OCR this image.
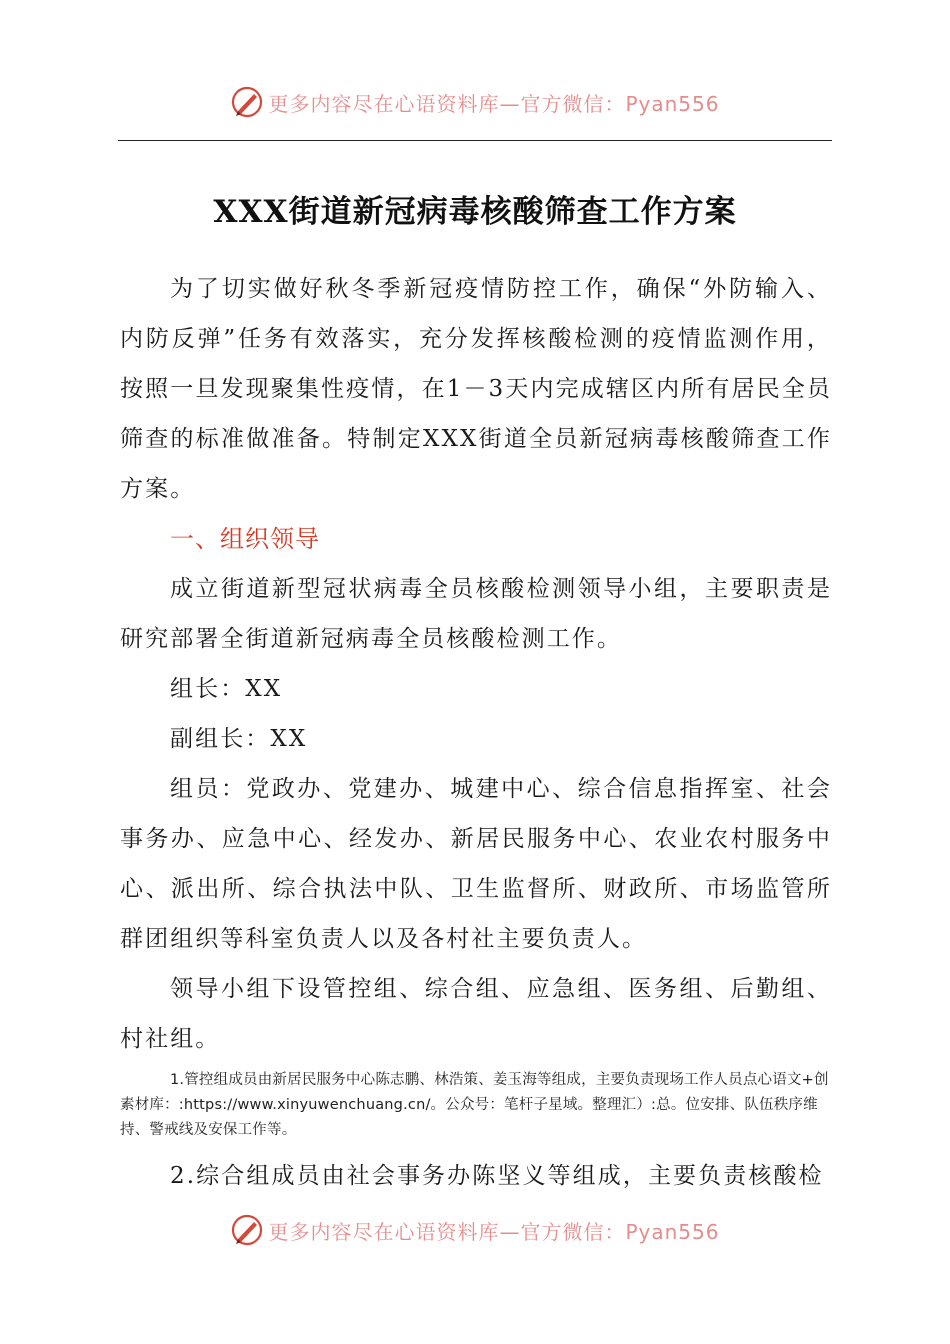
更多内容尽在心语资料库—官方微信：Pyan556
XXX街道新冠病毒核酸筛查工作方案

为了切实做好秋冬季新冠疫情防控工作，确保“外防输入、内防反弹”任务有效落实，充分发挥核酸检测的疫情监测作用，按照一旦发现聚集性疫情，在1－3天内完成辖区内所有居民全员筛查的标准做准备。特制定XXX街道全员新冠病毒核酸筛查工作方案。

一、组织领导

成立街道新型冠状病毒全员核酸检测领导小组，主要职责是研究部署全街道新冠病毒全员核酸检测工作。

组长：XX

副组长：XX

组员：党政办、党建办、城建中心、综合信息指挥室、社会事务办、应急中心、经发办、新居民服务中心、农业农村服务中心、派出所、综合执法中队、卫生监督所、财政所、市场监管所群团组织等科室负责人以及各村社主要负责人。

领导小组下设管控组、综合组、应急组、医务组、后勤组、村社组。

1.管控组成员由新居民服务中心陈志鹏、林浩策、姜玉海等组成，主要负责现场工作人员点心语文+创素材库：:https://www.xinyuwenchuang.cn/。公众号：笔杆子星域。整理汇）:总。位安排、队伍秩序维持、警戒线及安保工作等。

2.综合组成员由社会事务办陈坚义等组成，主要负责核酸检

更多内容尽在心语资料库—官方微信：Pyan556
